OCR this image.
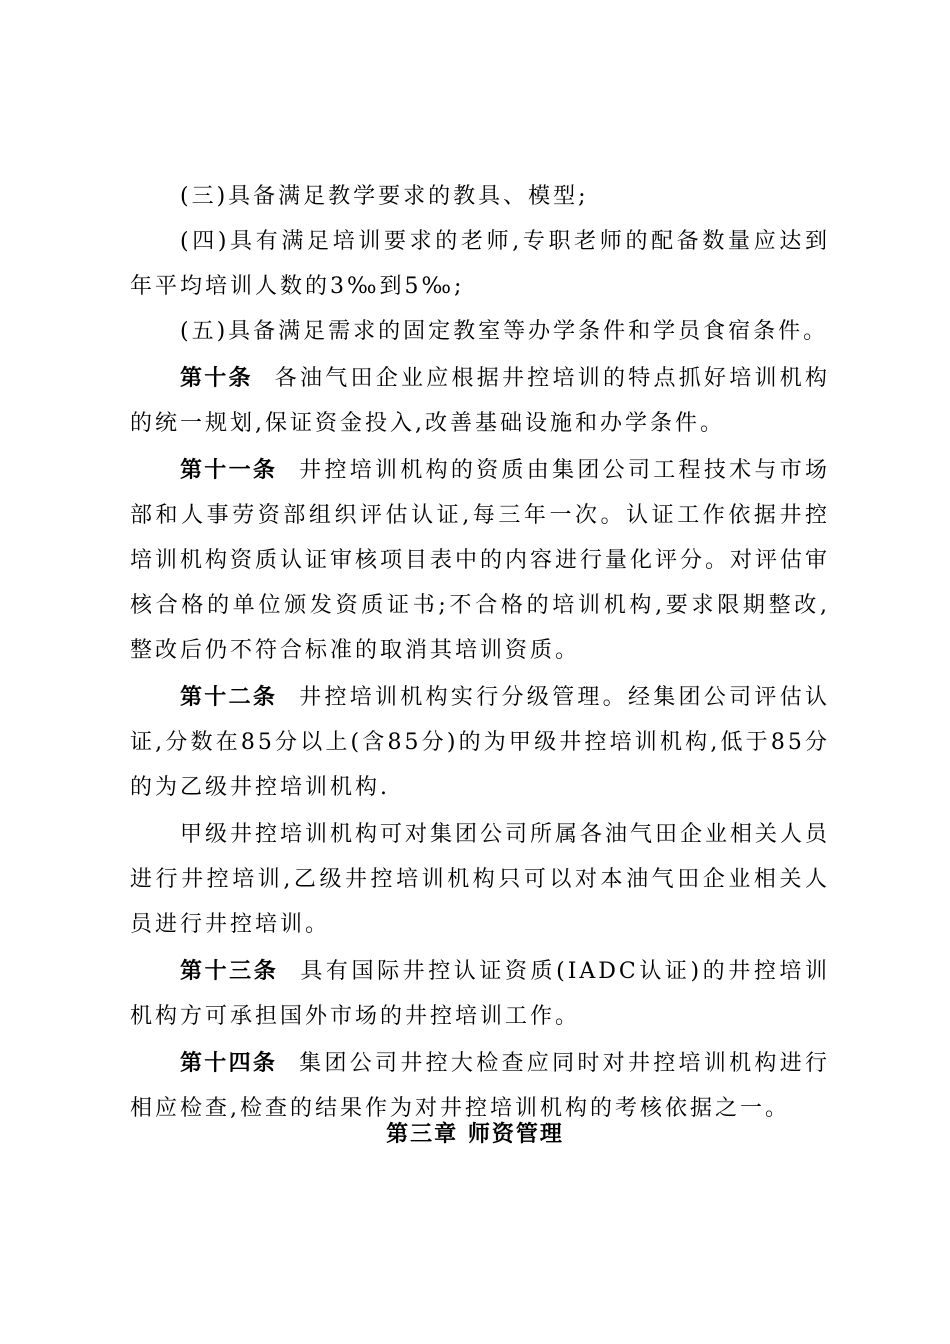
(三)具备满足教学要求的教具、模型;

(四)具有满足培训要求的老师,专职老师的配备数量应达到年平均培训人数的3‰到5‰;

(五)具备满足需求的固定教室等办学条件和学员食宿条件。

第十条 各油气田企业应根据井控培训的特点抓好培训机构的统一规划,保证资金投入,改善基础设施和办学条件。

第十一条 井控培训机构的资质由集团公司工程技术与市场部和人事劳资部组织评估认证,每三年一次。认证工作依据井控培训机构资质认证审核项目表中的内容进行量化评分。对评估审核合格的单位颁发资质证书;不合格的培训机构,要求限期整改,整改后仍不符合标准的取消其培训资质。

第十二条 井控培训机构实行分级管理。经集团公司评估认证,分数在85分以上(含85分)的为甲级井控培训机构,低于85分的为乙级井控培训机构.

甲级井控培训机构可对集团公司所属各油气田企业相关人员进行井控培训,乙级井控培训机构只可以对本油气田企业相关人员进行井控培训。

第十三条 具有国际井控认证资质(IADC认证)的井控培训机构方可承担国外市场的井控培训工作。

第十四条 集团公司井控大检查应同时对井控培训机构进行相应检查,检查的结果作为对井控培训机构的考核依据之一。

第三章 师资管理
